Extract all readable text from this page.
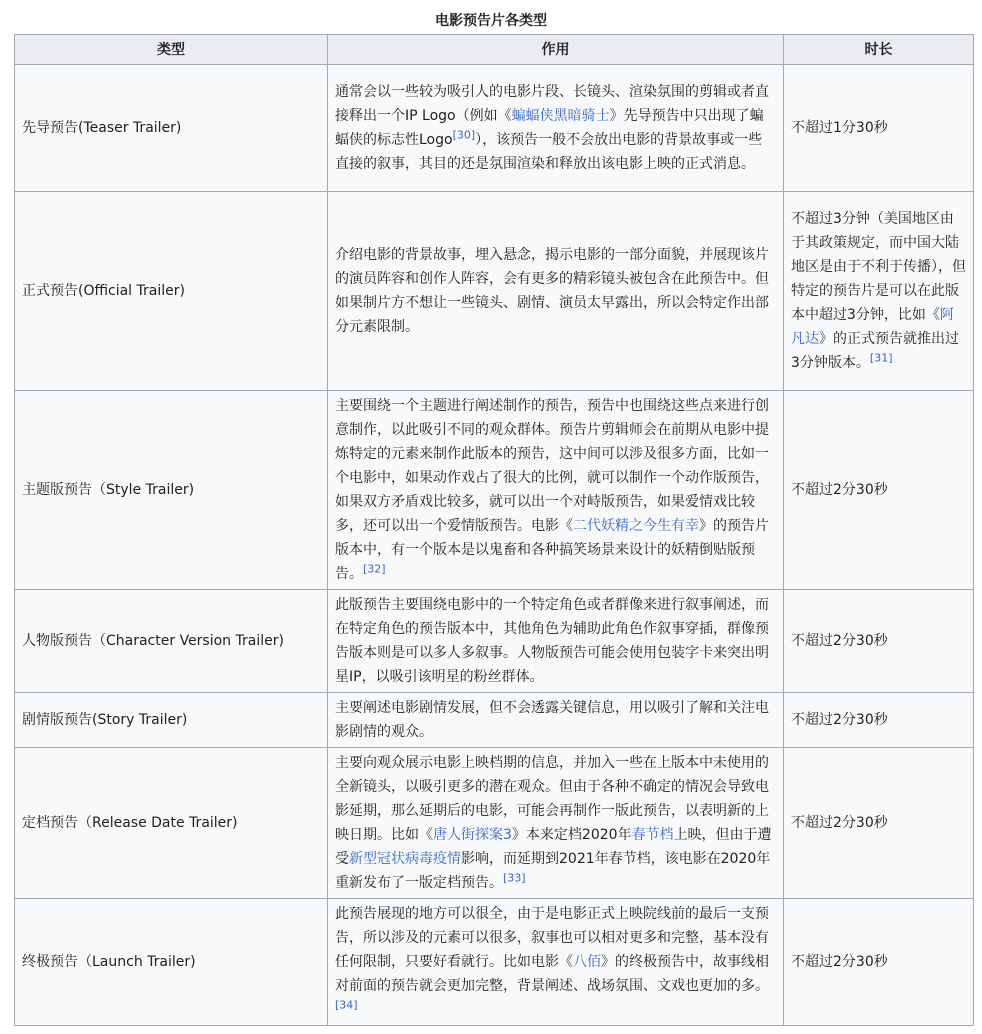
电影预告片各类型
类型	作用	时长
先导预告(Teaser Trailer)	通常会以一些较为吸引人的电影片段、长镜头、渲染氛围的剪辑或者直接释出一个IP Logo（例如《蝙蝠侠黑暗骑士》先导预告中只出现了蝙蝠侠的标志性Logo[30]），该预告一般不会放出电影的背景故事或一些直接的叙事，其目的还是氛围渲染和释放出该电影上映的正式消息。	不超过1分30秒
正式预告(Official Trailer)	介绍电影的背景故事，埋入悬念，揭示电影的一部分面貌，并展现该片的演员阵容和创作人阵容，会有更多的精彩镜头被包含在此预告中。但如果制片方不想让一些镜头、剧情、演员太早露出，所以会特定作出部分元素限制。	不超过3分钟（美国地区由于其政策规定，而中国大陆地区是由于不利于传播），但特定的预告片是可以在此版本中超过3分钟，比如《阿凡达》的正式预告就推出过3分钟版本。[31]
主题版预告（Style Trailer)	主要围绕一个主题进行阐述制作的预告，预告中也围绕这些点来进行创意制作，以此吸引不同的观众群体。预告片剪辑师会在前期从电影中提炼特定的元素来制作此版本的预告，这中间可以涉及很多方面，比如一个电影中，如果动作戏占了很大的比例，就可以制作一个动作版预告，如果双方矛盾戏比较多，就可以出一个对峙版预告，如果爱情戏比较多，还可以出一个爱情版预告。电影《二代妖精之今生有幸》的预告片版本中，有一个版本是以鬼畜和各种搞笑场景来设计的妖精倒贴版预告。[32]	不超过2分30秒
人物版预告（Character Version Trailer)	此版预告主要围绕电影中的一个特定角色或者群像来进行叙事阐述，而在特定角色的预告版本中，其他角色为辅助此角色作叙事穿插，群像预告版本则是可以多人多叙事。人物版预告可能会使用包装字卡来突出明星IP，以吸引该明星的粉丝群体。	不超过2分30秒
剧情版预告(Story Trailer)	主要阐述电影剧情发展，但不会透露关键信息，用以吸引了解和关注电影剧情的观众。	不超过2分30秒
定档预告（Release Date Trailer)	主要向观众展示电影上映档期的信息，并加入一些在上版本中未使用的全新镜头，以吸引更多的潜在观众。但由于各种不确定的情况会导致电影延期，那么延期后的电影，可能会再制作一版此预告，以表明新的上映日期。比如《唐人街探案3》本来定档2020年春节档上映，但由于遭受新型冠状病毒疫情影响，而延期到2021年春节档，该电影在2020年重新发布了一版定档预告。[33]	不超过2分30秒
终极预告（Launch Trailer)	此预告展现的地方可以很全，由于是电影正式上映院线前的最后一支预告，所以涉及的元素可以很多，叙事也可以相对更多和完整，基本没有任何限制，只要好看就行。比如电影《八佰》的终极预告中，故事线相对前面的预告就会更加完整，背景阐述、战场氛围、文戏也更加的多。[34]	不超过2分30秒
